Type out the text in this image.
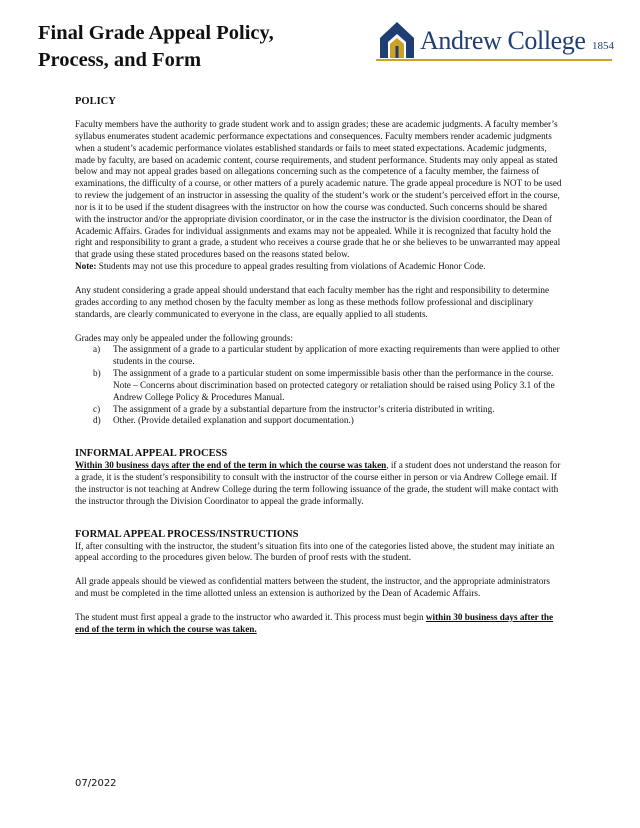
Final Grade Appeal Policy,
Process, and Form
Andrew College 1854
POLICY

Faculty members have the authority to grade student work and to assign grades; these are academic judgments. A faculty member’s syllabus enumerates student academic performance expectations and consequences. Faculty members render academic judgments when a student’s academic performance violates established standards or fails to meet stated expectations. Academic judgments, made by faculty, are based on academic content, course requirements, and student performance. Students may only appeal as stated below and may not appeal grades based on allegations concerning such as the competence of a faculty member, the fairness of examinations, the difficulty of a course, or other matters of a purely academic nature. The grade appeal procedure is NOT to be used to review the judgement of an instructor in assessing the quality of the student’s work or the student’s perceived effort in the course, nor is it to be used if the student disagrees with the instructor on how the course was conducted. Such concerns should be shared with the instructor and/or the appropriate division coordinator, or in the case the instructor is the division coordinator, the Dean of Academic Affairs. Grades for individual assignments and exams may not be appealed. While it is recognized that faculty hold the right and responsibility to grant a grade, a student who receives a course grade that he or she believes to be unwarranted may appeal that grade using these stated procedures based on the reasons stated below.
Note: Students may not use this procedure to appeal grades resulting from violations of Academic Honor Code.

Any student considering a grade appeal should understand that each faculty member has the right and responsibility to determine grades according to any method chosen by the faculty member as long as these methods follow professional and disciplinary standards, are clearly communicated to everyone in the class, are equally applied to all students.

Grades may only be appealed under the following grounds:

a) The assignment of a grade to a particular student by application of more exacting requirements than were applied to other students in the course.
b) The assignment of a grade to a particular student on some impermissible basis other than the performance in the course. Note – Concerns about discrimination based on protected category or retaliation should be raised using Policy 3.1 of the Andrew College Policy & Procedures Manual.
c) The assignment of a grade by a substantial departure from the instructor’s criteria distributed in writing.
d) Other. (Provide detailed explanation and support documentation.)
INFORMAL APPEAL PROCESS

Within 30 business days after the end of the term in which the course was taken, if a student does not understand the reason for a grade, it is the student’s responsibility to consult with the instructor of the course either in person or via Andrew College email. If the instructor is not teaching at Andrew College during the term following issuance of the grade, the student will make contact with the instructor through the Division Coordinator to appeal the grade informally.

FORMAL APPEAL PROCESS/INSTRUCTIONS

If, after consulting with the instructor, the student’s situation fits into one of the categories listed above, the student may initiate an appeal according to the procedures given below. The burden of proof rests with the student.

All grade appeals should be viewed as confidential matters between the student, the instructor, and the appropriate administrators and must be completed in the time allotted unless an extension is authorized by the Dean of Academic Affairs.

The student must first appeal a grade to the instructor who awarded it. This process must begin within 30 business days after the end of the term in which the course was taken.

07/2022
